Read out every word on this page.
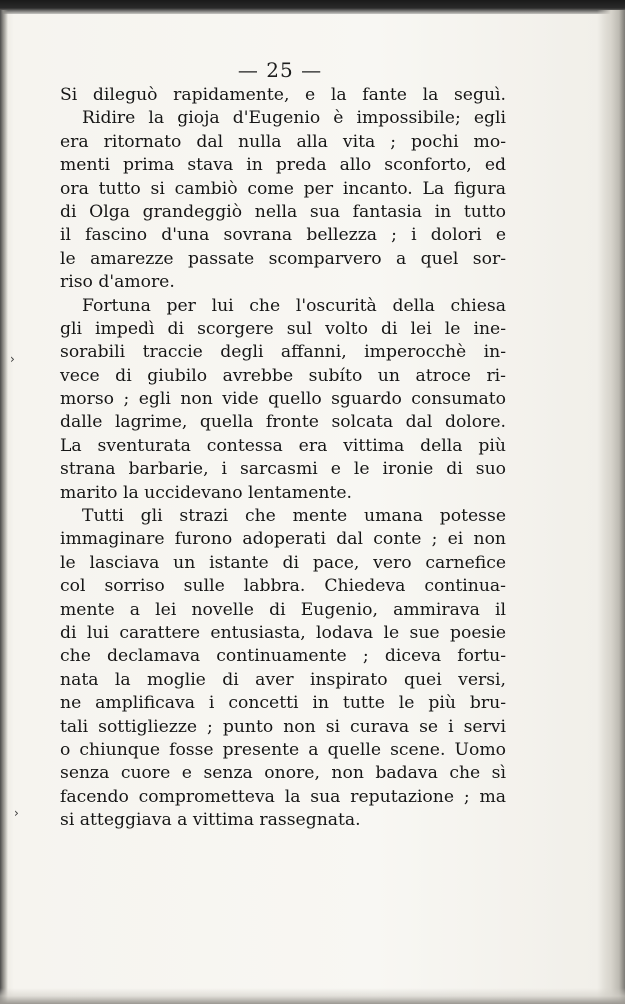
›
›
— 25 —
Si dileguò rapidamente, e la fante la seguì.
Ridire la gioja d'Eugenio è impossibile; egli
era ritornato dal nulla alla vita ; pochi mo-
menti prima stava in preda allo sconforto, ed
ora tutto si cambiò come per incanto. La figura
di Olga grandeggiò nella sua fantasia in tutto
il fascino d'una sovrana bellezza ; i dolori e
le amarezze passate scomparvero a quel sor-
riso d'amore.
Fortuna per lui che l'oscurità della chiesa
gli impedì di scorgere sul volto di lei le ine-
sorabili traccie degli affanni, imperocchè in-
vece di giubilo avrebbe subíto un atroce ri-
morso ; egli non vide quello sguardo consumato
dalle lagrime, quella fronte solcata dal dolore.
La sventurata contessa era vittima della più
strana barbarie, i sarcasmi e le ironie di suo
marito la uccidevano lentamente.
Tutti gli strazi che mente umana potesse
immaginare furono adoperati dal conte ; ei non
le lasciava un istante di pace, vero carnefice
col sorriso sulle labbra. Chiedeva continua-
mente a lei novelle di Eugenio, ammirava il
di lui carattere entusiasta, lodava le sue poesie
che declamava continuamente ; diceva fortu-
nata la moglie di aver inspirato quei versi,
ne amplificava i concetti in tutte le più bru-
tali sottigliezze ; punto non si curava se i servi
o chiunque fosse presente a quelle scene. Uomo
senza cuore e senza onore, non badava che sì
facendo comprometteva la sua reputazione ; ma
si atteggiava a vittima rassegnata.
